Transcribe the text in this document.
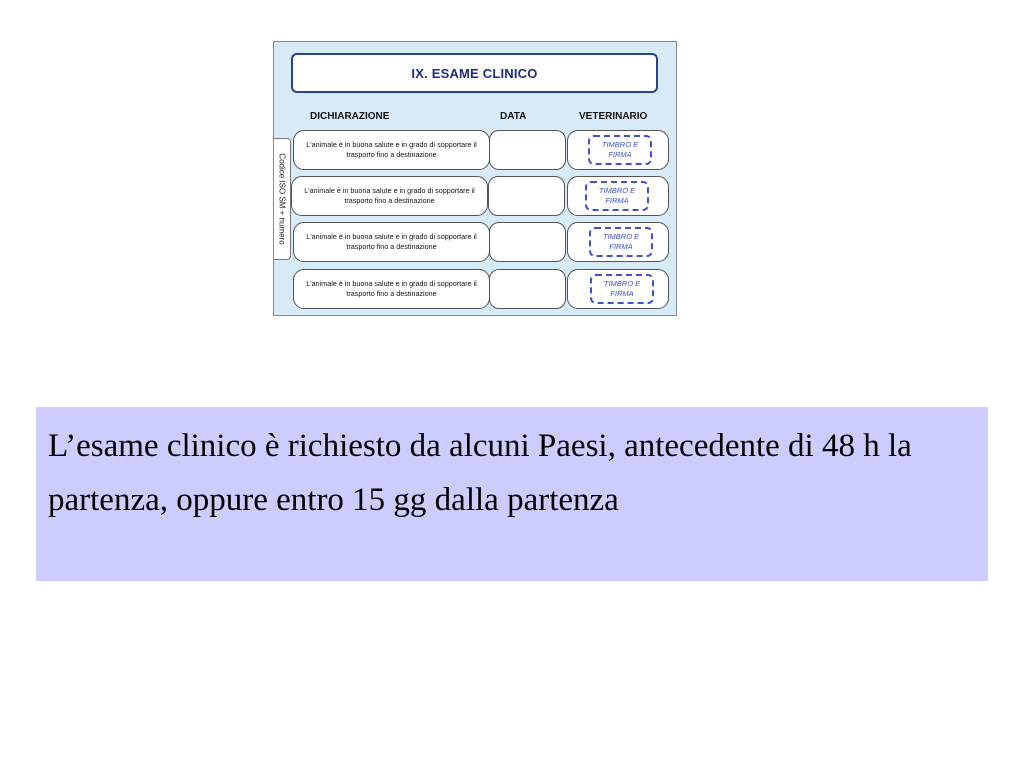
IX. ESAME CLINICO
DICHIARAZIONE	DATA	VETERINARIO
Codice ISO SM + numero
L'animale è in buona salute e in grado di sopportare il trasporto fino a destinazione
TIMBRO E FIRMA
L'animale è in buona salute e in grado di sopportare il trasporto fino a destinazione
TIMBRO E FIRMA
L'animale è in buona salute e in grado di sopportare il trasporto fino a destinazione
TIMBRO E FIRMA
L'animale è in buona salute e in grado di sopportare il trasporto fino a destinazione
TIMBRO E FIRMA
L’esame clinico è richiesto da alcuni Paesi, antecedente di 48 h la partenza, oppure entro 15 gg dalla partenza
